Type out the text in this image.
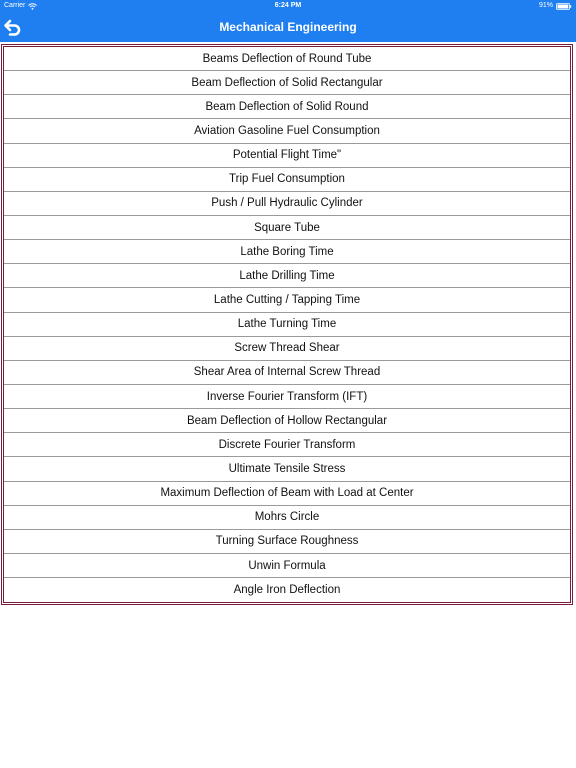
Carrier	6:24 PM	91%
Mechanical Engineering
Beams Deflection of Round Tube
Beam Deflection of Solid Rectangular
Beam Deflection of Solid Round
Aviation Gasoline Fuel Consumption
Potential Flight Time"
Trip Fuel Consumption
Push / Pull Hydraulic Cylinder
Square Tube
Lathe Boring Time
Lathe Drilling Time
Lathe Cutting / Tapping Time
Lathe Turning Time
Screw Thread Shear
Shear Area of Internal Screw Thread
Inverse Fourier Transform (IFT)
Beam Deflection of Hollow Rectangular
Discrete Fourier Transform
Ultimate Tensile Stress
Maximum Deflection of Beam with Load at Center
Mohrs Circle
Turning Surface Roughness
Unwin Formula
Angle Iron Deflection
